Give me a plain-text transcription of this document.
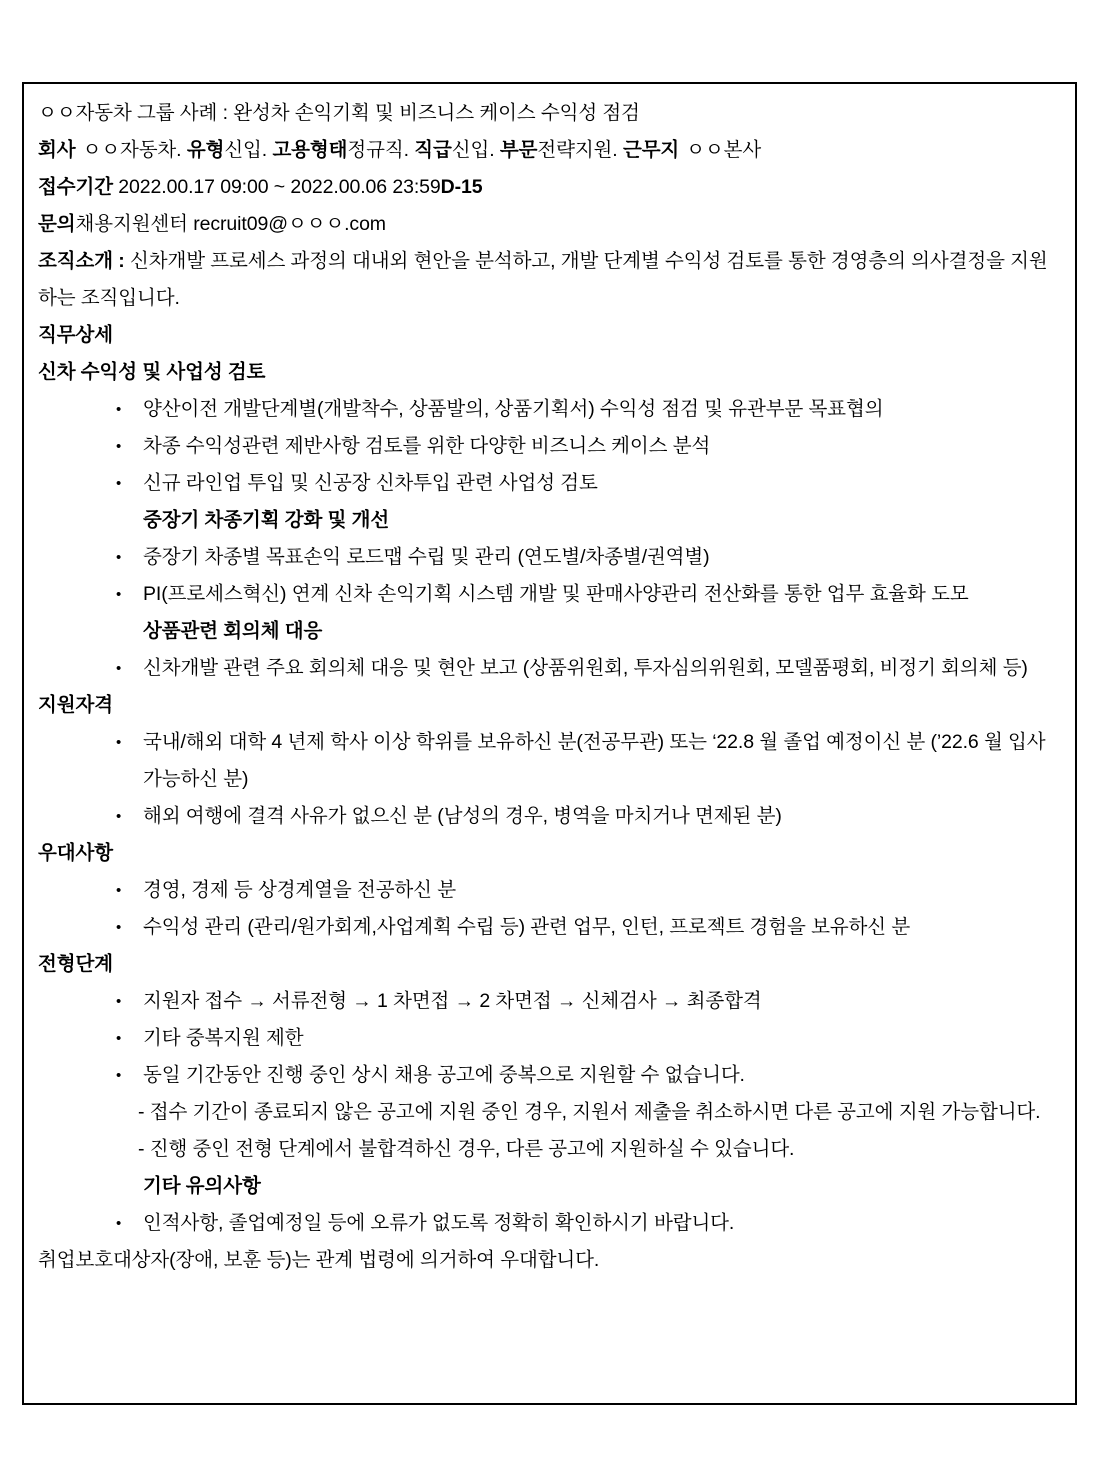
ㅇㅇ자동차 그룹 사례 : 완성차 손익기획 및 비즈니스 케이스 수익성 점검
회사 ㅇㅇ자동차. 유형신입. 고용형태정규직. 직급신입. 부문전략지원. 근무지 ㅇㅇ본사
접수기간 2022.00.17 09:00 ~ 2022.00.06 23:59D-15
문의채용지원센터 recruit09@ㅇㅇㅇ.com
조직소개 : 신차개발 프로세스 과정의 대내외 현안을 분석하고, 개발 단계별 수익성 검토를 통한 경영층의 의사결정을 지원하는 조직입니다.
직무상세
신차 수익성 및 사업성 검토
• 양산이전 개발단계별(개발착수, 상품발의, 상품기획서) 수익성 점검 및 유관부문 목표협의
• 차종 수익성관련 제반사항 검토를 위한 다양한 비즈니스 케이스 분석
• 신규 라인업 투입 및 신공장 신차투입 관련 사업성 검토
중장기 차종기획 강화 및 개선
• 중장기 차종별 목표손익 로드맵 수립 및 관리 (연도별/차종별/권역별)
• PI(프로세스혁신) 연계 신차 손익기획 시스템 개발 및 판매사양관리 전산화를 통한 업무 효율화 도모
상품관련 회의체 대응
• 신차개발 관련 주요 회의체 대응 및 현안 보고 (상품위원회, 투자심의위원회, 모델품평회, 비정기 회의체 등)
지원자격
• 국내/해외 대학 4 년제 학사 이상 학위를 보유하신 분(전공무관) 또는 ‘22.8 월 졸업 예정이신 분 (’22.6 월 입사 가능하신 분)
• 해외 여행에 결격 사유가 없으신 분 (남성의 경우, 병역을 마치거나 면제된 분)
우대사항
• 경영, 경제 등 상경계열을 전공하신 분
• 수익성 관리 (관리/원가회계,사업계획 수립 등) 관련 업무, 인턴, 프로젝트 경험을 보유하신 분
전형단계
• 지원자 접수 → 서류전형 → 1 차면접 → 2 차면접 → 신체검사 → 최종합격
• 기타 중복지원 제한
• 동일 기간동안 진행 중인 상시 채용 공고에 중복으로 지원할 수 없습니다.
- 접수 기간이 종료되지 않은 공고에 지원 중인 경우, 지원서 제출을 취소하시면 다른 공고에 지원 가능합니다.
- 진행 중인 전형 단계에서 불합격하신 경우, 다른 공고에 지원하실 수 있습니다.
기타 유의사항
• 인적사항, 졸업예정일 등에 오류가 없도록 정확히 확인하시기 바랍니다.
취업보호대상자(장애, 보훈 등)는 관계 법령에 의거하여 우대합니다.
